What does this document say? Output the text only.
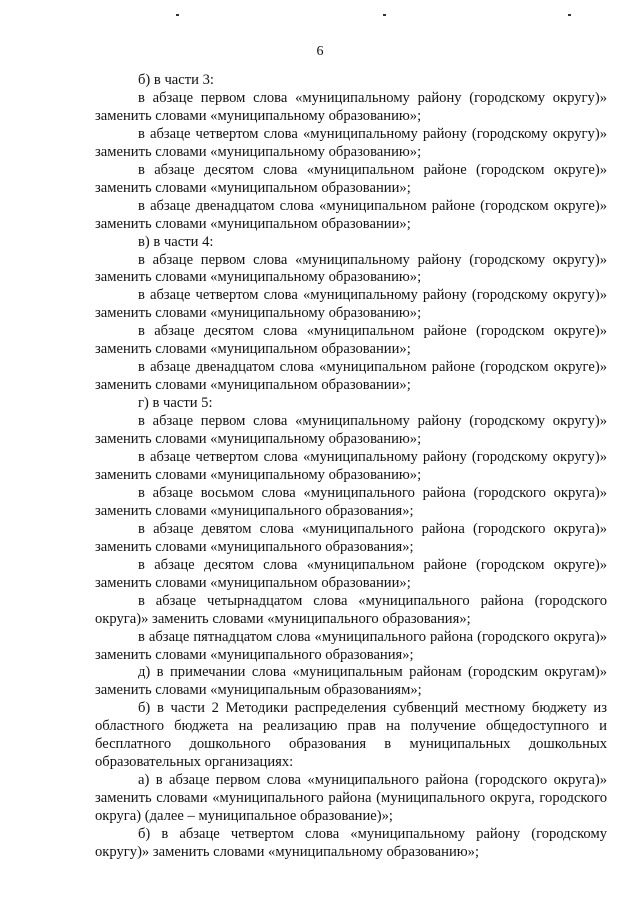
6

б) в части 3:

в абзаце первом слова «муниципальному району (городскому округу)» заменить словами «муниципальному образованию»;

в абзаце четвертом слова «муниципальному району (городскому округу)» заменить словами «муниципальному образованию»;

в абзаце десятом слова «муниципальном районе (городском округе)» заменить словами «муниципальном образовании»;

в абзаце двенадцатом слова «муниципальном районе (городском округе)» заменить словами «муниципальном образовании»;

в) в части 4:

в абзаце первом слова «муниципальному району (городскому округу)» заменить словами «муниципальному образованию»;

в абзаце четвертом слова «муниципальному району (городскому округу)» заменить словами «муниципальному образованию»;

в абзаце десятом слова «муниципальном районе (городском округе)» заменить словами «муниципальном образовании»;

в абзаце двенадцатом слова «муниципальном районе (городском округе)» заменить словами «муниципальном образовании»;

г) в части 5:

в абзаце первом слова «муниципальному району (городскому округу)» заменить словами «муниципальному образованию»;

в абзаце четвертом слова «муниципальному району (городскому округу)» заменить словами «муниципальному образованию»;

в абзаце восьмом слова «муниципального района (городского округа)» заменить словами «муниципального образования»;

в абзаце девятом слова «муниципального района (городского округа)» заменить словами «муниципального образования»;

в абзаце десятом слова «муниципальном районе (городском округе)» заменить словами «муниципальном образовании»;

в абзаце четырнадцатом слова «муниципального района (городского округа)» заменить словами «муниципального образования»;

в абзаце пятнадцатом слова «муниципального района (городского округа)» заменить словами «муниципального образования»;

д) в примечании слова «муниципальным районам (городским округам)» заменить словами «муниципальным образованиям»;

б) в части 2 Методики распределения субвенций местному бюджету из областного бюджета на реализацию прав на получение общедоступного и бесплатного дошкольного образования в муниципальных дошкольных образовательных организациях:

а) в абзаце первом слова «муниципального района (городского округа)» заменить словами «муниципального района (муниципального округа, городского округа) (далее – муниципальное образование)»;

б) в абзаце четвертом слова «муниципальному району (городскому округу)» заменить словами «муниципальному образованию»;
